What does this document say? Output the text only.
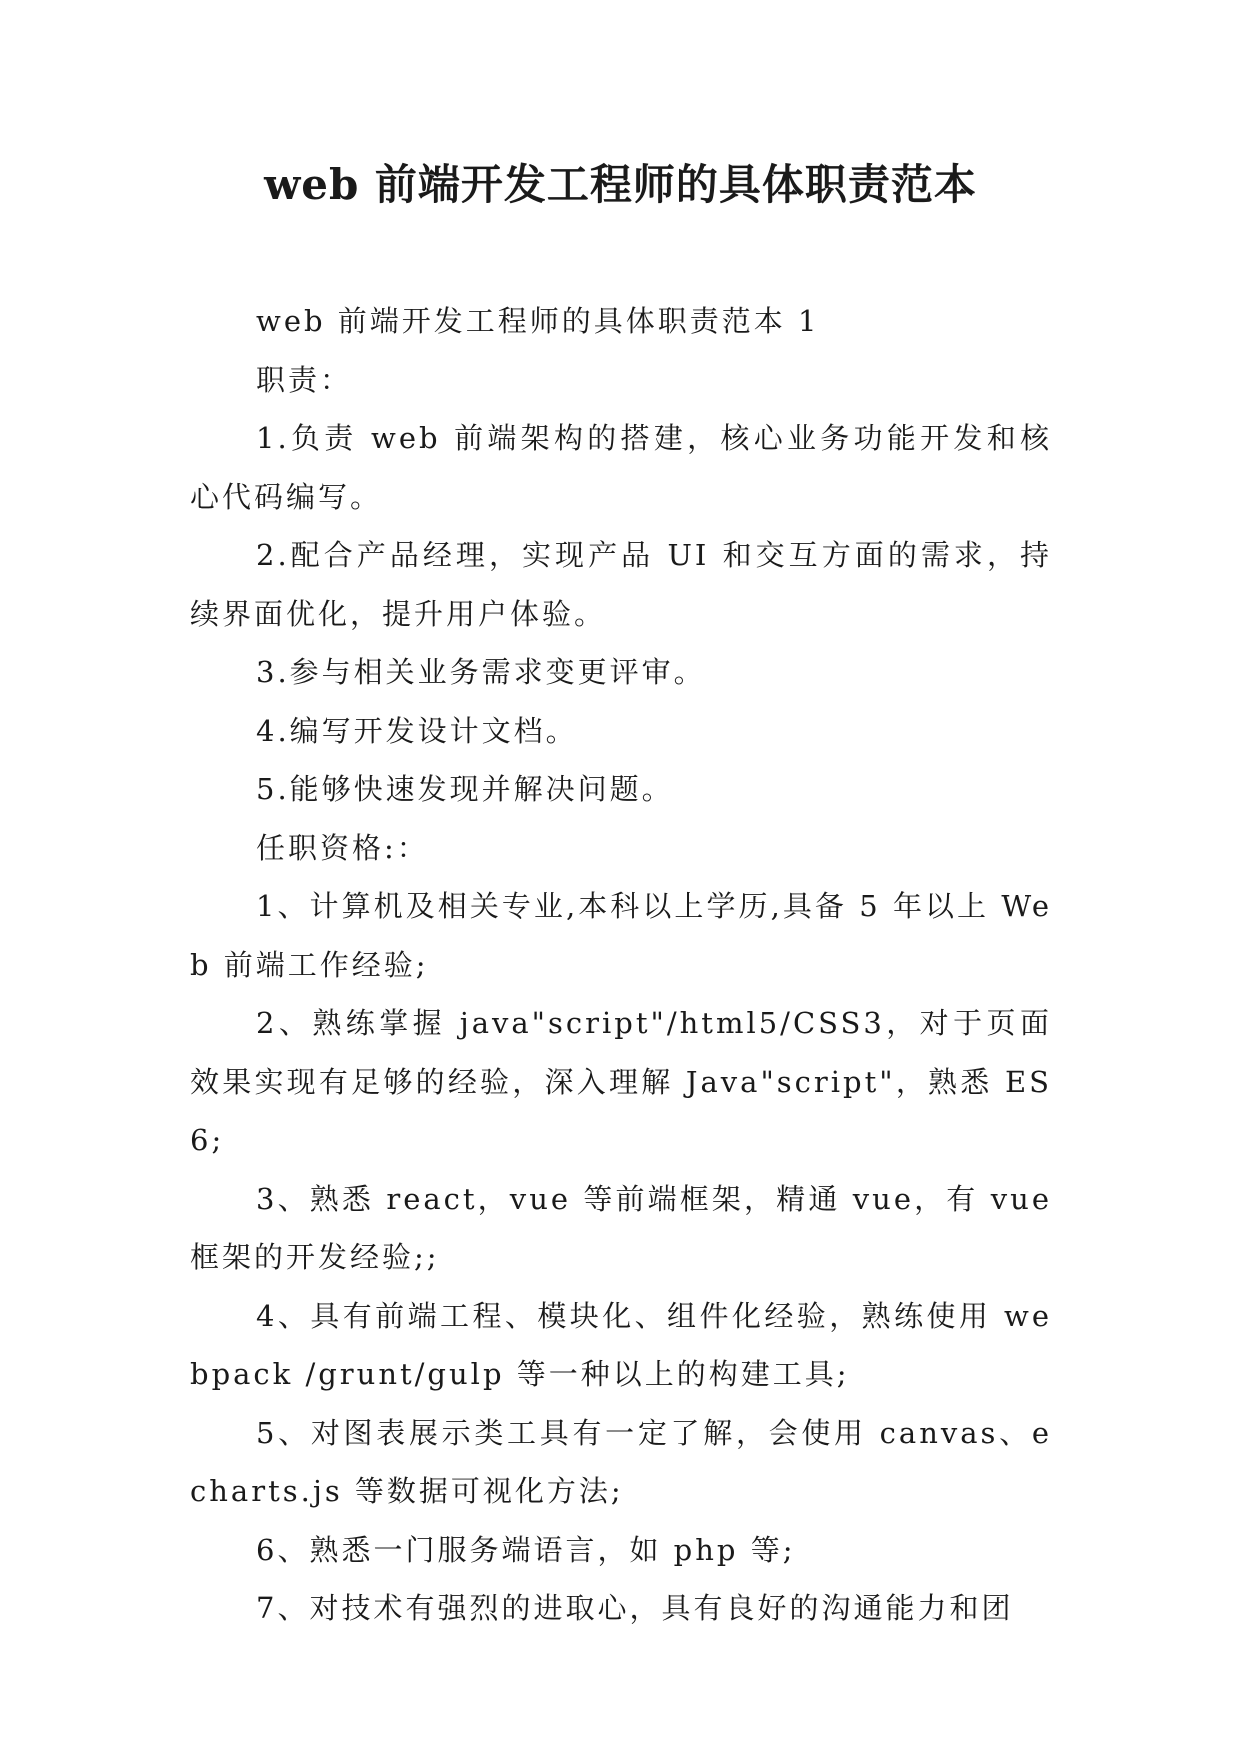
web 前端开发工程师的具体职责范本

web 前端开发工程师的具体职责范本 1

职责：

1.负责 web 前端架构的搭建，核心业务功能开发和核心代码编写。

2.配合产品经理，实现产品 UI 和交互方面的需求，持续界面优化，提升用户体验。

3.参与相关业务需求变更评审。

4.编写开发设计文档。

5.能够快速发现并解决问题。

任职资格:：

1、计算机及相关专业,本科以上学历,具备 5 年以上 Web 前端工作经验;

2、熟练掌握 java"script"/html5/CSS3，对于页面效果实现有足够的经验，深入理解 Java"script"，熟悉 ES6;

3、熟悉 react，vue 等前端框架，精通 vue，有 vue 框架的开发经验;;

4、具有前端工程、模块化、组件化经验，熟练使用 webpack /grunt/gulp 等一种以上的构建工具;

5、对图表展示类工具有一定了解，会使用 canvas、echarts.js 等数据可视化方法;

6、熟悉一门服务端语言，如 php 等;

7、对技术有强烈的进取心，具有良好的沟通能力和团
